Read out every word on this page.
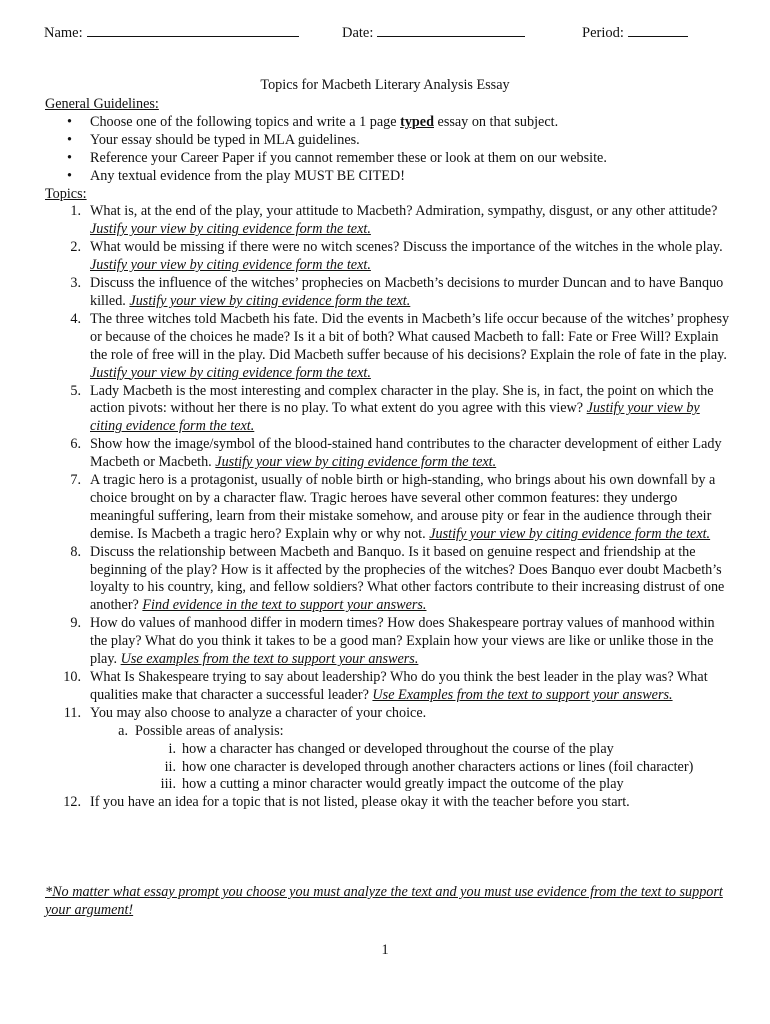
Name:	Date:	Period:
Topics for Macbeth Literary Analysis Essay
General Guidelines:
• Choose one of the following topics and write a 1 page typed essay on that subject.
• Your essay should be typed in MLA guidelines.
• Reference your Career Paper if you cannot remember these or look at them on our website.
• Any textual evidence from the play MUST BE CITED!
Topics:
1. What is, at the end of the play, your attitude to Macbeth? Admiration, sympathy, disgust, or any other attitude? Justify your view by citing evidence form the text.
2. What would be missing if there were no witch scenes? Discuss the importance of the witches in the whole play. Justify your view by citing evidence form the text.
3. Discuss the influence of the witches’ prophecies on Macbeth’s decisions to murder Duncan and to have Banquo killed. Justify your view by citing evidence form the text.
4. The three witches told Macbeth his fate. Did the events in Macbeth’s life occur because of the witches’ prophesy or because of the choices he made? Is it a bit of both? What caused Macbeth to fall: Fate or Free Will? Explain the role of free will in the play. Did Macbeth suffer because of his decisions? Explain the role of fate in the play. Justify your view by citing evidence form the text.
5. Lady Macbeth is the most interesting and complex character in the play. She is, in fact, the point on which the action pivots: without her there is no play. To what extent do you agree with this view? Justify your view by citing evidence form the text.
6. Show how the image/symbol of the blood-stained hand contributes to the character development of either Lady Macbeth or Macbeth. Justify your view by citing evidence form the text.
7. A tragic hero is a protagonist, usually of noble birth or high-standing, who brings about his own downfall by a choice brought on by a character flaw. Tragic heroes have several other common features: they undergo meaningful suffering, learn from their mistake somehow, and arouse pity or fear in the audience through their demise. Is Macbeth a tragic hero? Explain why or why not. Justify your view by citing evidence form the text.
8. Discuss the relationship between Macbeth and Banquo. Is it based on genuine respect and friendship at the beginning of the play? How is it affected by the prophecies of the witches? Does Banquo ever doubt Macbeth’s loyalty to his country, king, and fellow soldiers? What other factors contribute to their increasing distrust of one another? Find evidence in the text to support your answers.
9. How do values of manhood differ in modern times? How does Shakespeare portray values of manhood within the play? What do you think it takes to be a good man? Explain how your views are like or unlike those in the play. Use examples from the text to support your answers.
10. What Is Shakespeare trying to say about leadership? Who do you think the best leader in the play was? What qualities make that character a successful leader? Use Examples from the text to support your answers.
11. You may also choose to analyze a character of your choice.
a. Possible areas of analysis:
i. how a character has changed or developed throughout the course of the play
ii. how one character is developed through another characters actions or lines (foil character)
iii. how a cutting a minor character would greatly impact the outcome of the play
12. If you have an idea for a topic that is not listed, please okay it with the teacher before you start.
*No matter what essay prompt you choose you must analyze the text and you must use evidence from the text to support your argument!
1
